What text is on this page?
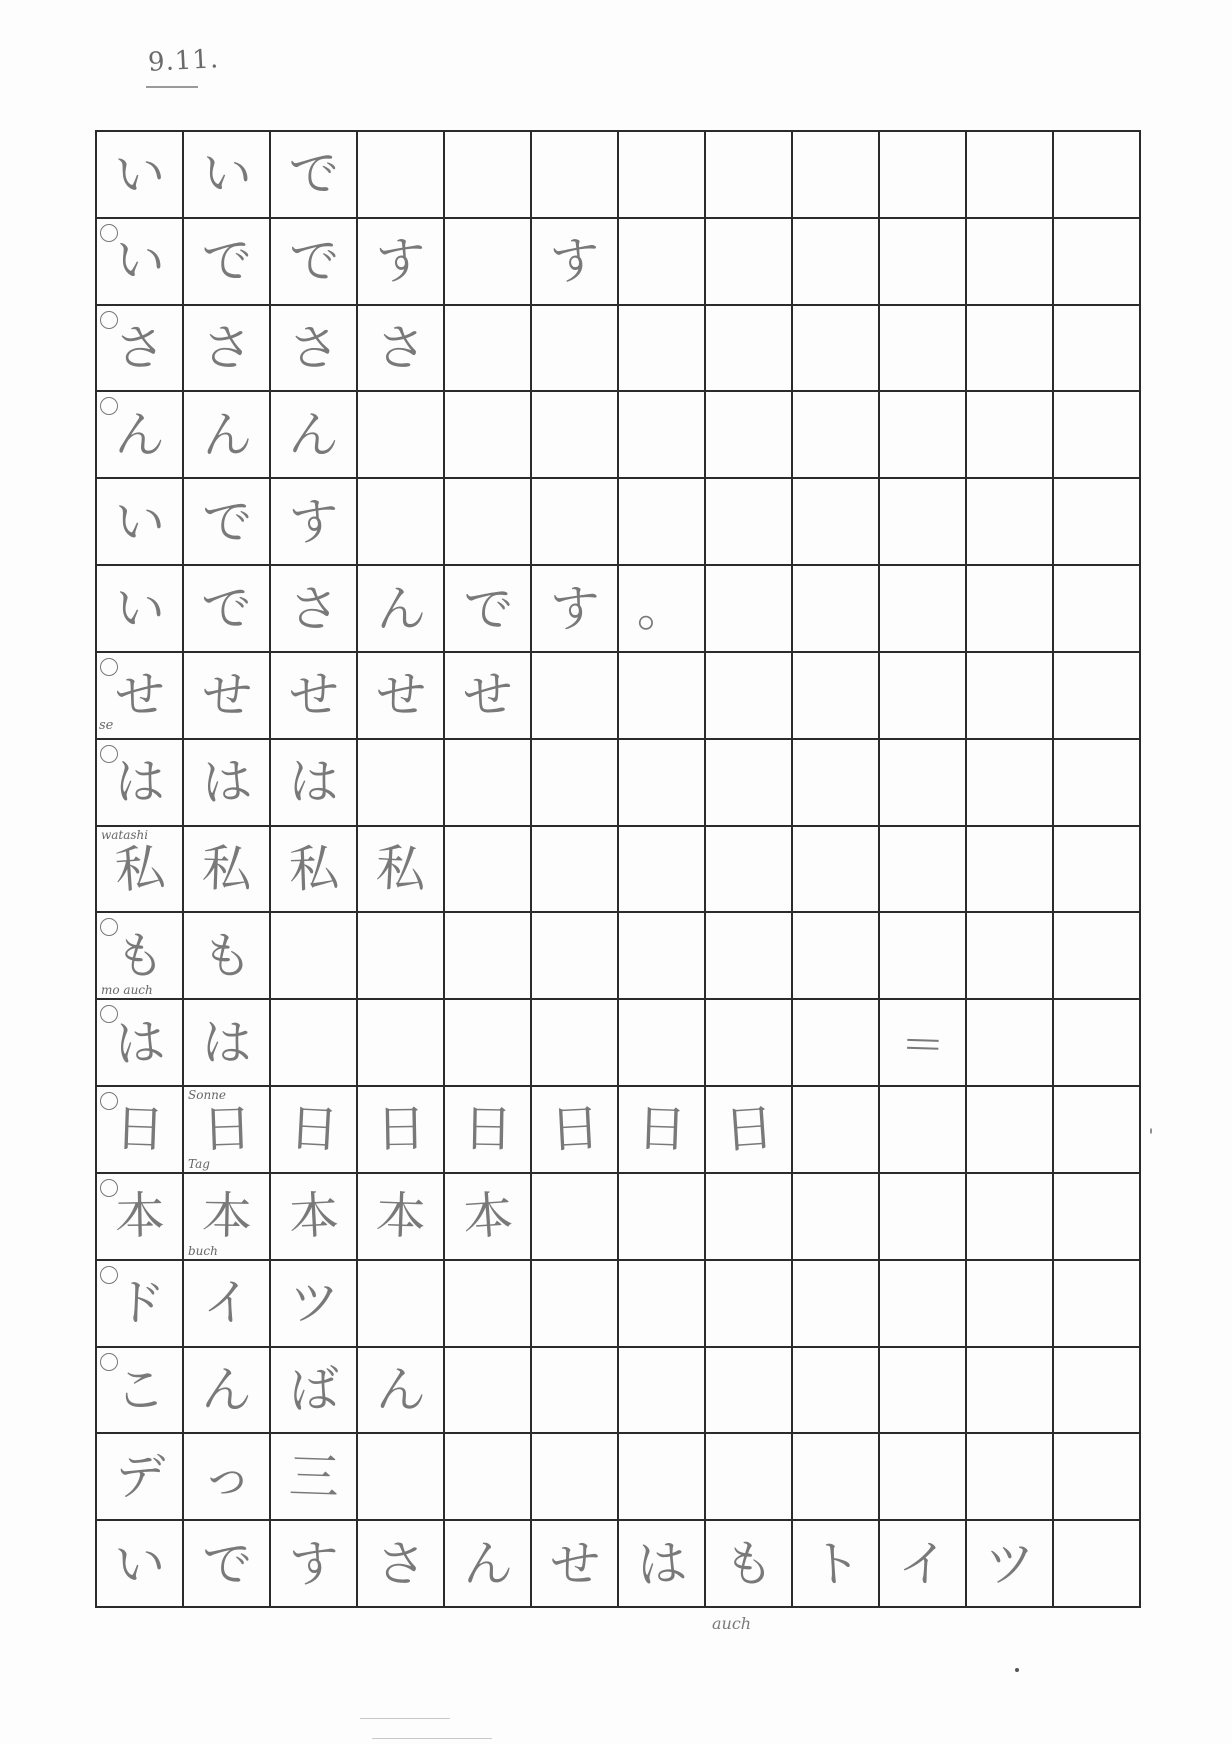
9.11.
い い で
い で で す す
さ さ さ さ
ん ん ん
い で す
い で さ ん で す 。
せ
se せ せ せ せ
は は は
私
watashi
私 私 私
も
mo auch
も
は は	=
日 日
Sonne
Tag
日 日 日 日 日 日
本 本
buch
本 本 本
ド イ ツ
こ ん ば ん
デ っ 三
い で す さ ん せ は も ト イ ツ
auch
